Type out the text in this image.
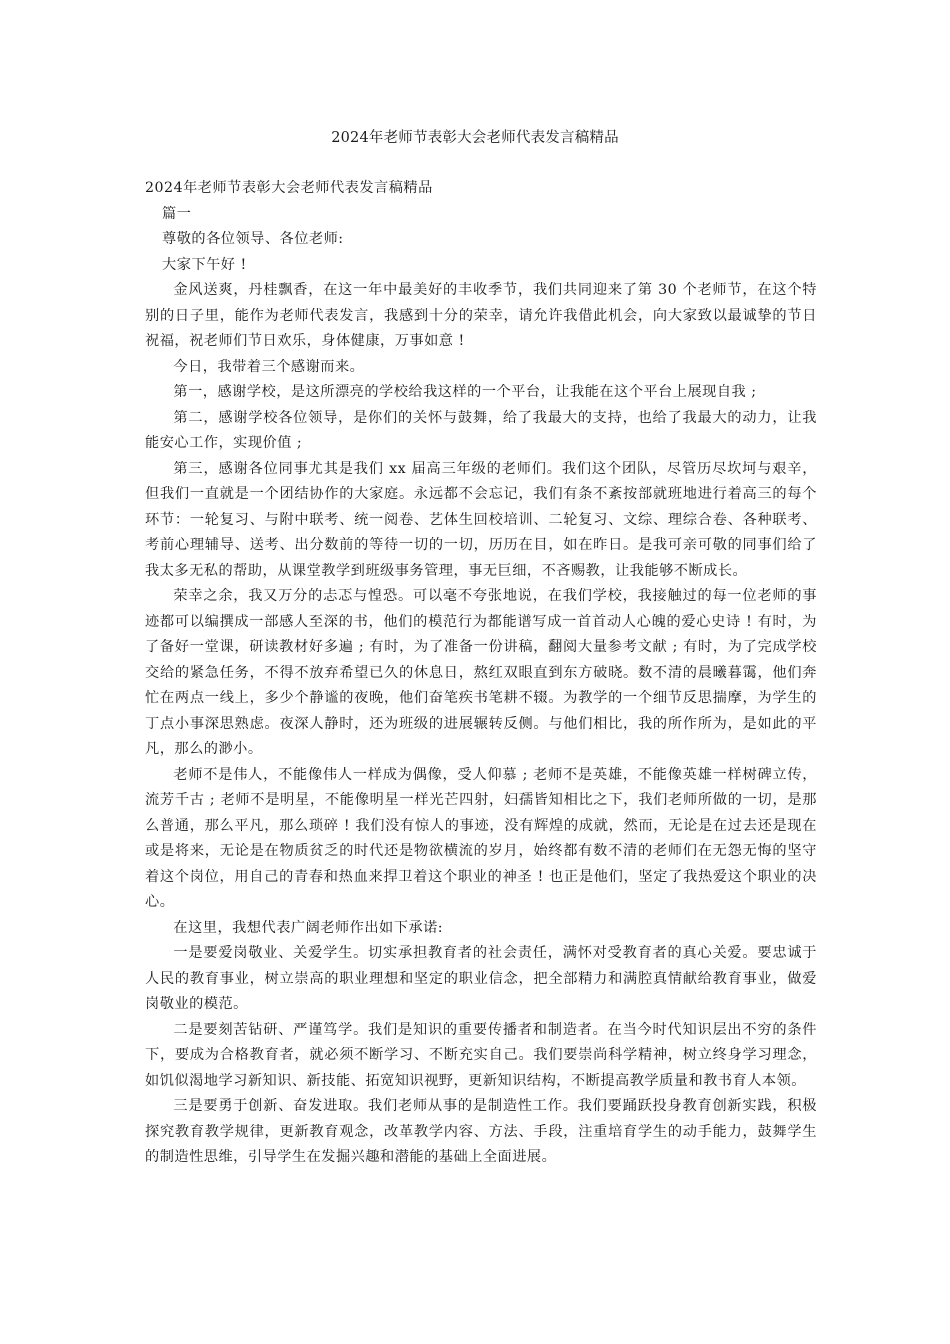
2024年老师节表彰大会老师代表发言稿精品

2024年老师节表彰大会老师代表发言稿精品

篇一

尊敬的各位领导、各位老师:

大家下午好 !

金风送爽，丹桂飘香，在这一年中最美好的丰收季节，我们共同迎来了第 30 个老师节，在这个特别的日子里，能作为老师代表发言，我感到十分的荣幸，请允许我借此机会，向大家致以最诚挚的节日祝福，祝老师们节日欢乐，身体健康，万事如意 !

今日，我带着三个感谢而来。

第一，感谢学校，是这所漂亮的学校给我这样的一个平台，让我能在这个平台上展现自我 ;

第二，感谢学校各位领导，是你们的关怀与鼓舞，给了我最大的支持，也给了我最大的动力，让我能安心工作，实现价值 ;

第三，感谢各位同事尤其是我们 xx 届高三年级的老师们。我们这个团队，尽管历尽坎坷与艰辛，但我们一直就是一个团结协作的大家庭。永远都不会忘记，我们有条不紊按部就班地进行着高三的每个环节：一轮复习、与附中联考、统一阅卷、艺体生回校培训、二轮复习、文综、理综合卷、各种联考、考前心理辅导、送考、出分数前的等待一切的一切，历历在目，如在昨日。是我可亲可敬的同事们给了我太多无私的帮助，从课堂教学到班级事务管理，事无巨细，不吝赐教，让我能够不断成长。

荣幸之余，我又万分的忐忑与惶恐。可以毫不夸张地说，在我们学校，我接触过的每一位老师的事迹都可以编撰成一部感人至深的书，他们的模范行为都能谱写成一首首动人心魄的爱心史诗 ! 有时，为了备好一堂课，研读教材好多遍 ; 有时，为了准备一份讲稿，翻阅大量参考文献 ; 有时，为了完成学校交给的紧急任务，不得不放弃希望已久的休息日，熬红双眼直到东方破晓。数不清的晨曦暮霭，他们奔忙在两点一线上，多少个静谧的夜晚，他们奋笔疾书笔耕不辍。为教学的一个细节反思揣摩，为学生的丁点小事深思熟虑。夜深人静时，还为班级的进展辗转反侧。与他们相比，我的所作所为，是如此的平凡，那么的渺小。

老师不是伟人，不能像伟人一样成为偶像，受人仰慕 ; 老师不是英雄，不能像英雄一样树碑立传，流芳千古 ; 老师不是明星，不能像明星一样光芒四射，妇孺皆知相比之下，我们老师所做的一切，是那么普通，那么平凡，那么琐碎 ! 我们没有惊人的事迹，没有辉煌的成就，然而，无论是在过去还是现在或是将来，无论是在物质贫乏的时代还是物欲横流的岁月，始终都有数不清的老师们在无怨无悔的坚守着这个岗位，用自己的青春和热血来捍卫着这个职业的神圣 ! 也正是他们，坚定了我热爱这个职业的决心。

在这里，我想代表广阔老师作出如下承诺:

一是要爱岗敬业、关爱学生。切实承担教育者的社会责任，满怀对受教育者的真心关爱。要忠诚于人民的教育事业，树立崇高的职业理想和坚定的职业信念，把全部精力和满腔真情献给教育事业，做爱岗敬业的模范。

二是要刻苦钻研、严谨笃学。我们是知识的重要传播者和制造者。在当今时代知识层出不穷的条件下，要成为合格教育者，就必须不断学习、不断充实自己。我们要崇尚科学精神，树立终身学习理念，如饥似渴地学习新知识、新技能、拓宽知识视野，更新知识结构，不断提高教学质量和教书育人本领。

三是要勇于创新、奋发进取。我们老师从事的是制造性工作。我们要踊跃投身教育创新实践，积极探究教育教学规律，更新教育观念，改革教学内容、方法、手段，注重培育学生的动手能力，鼓舞学生的制造性思维，引导学生在发掘兴趣和潜能的基础上全面进展。
